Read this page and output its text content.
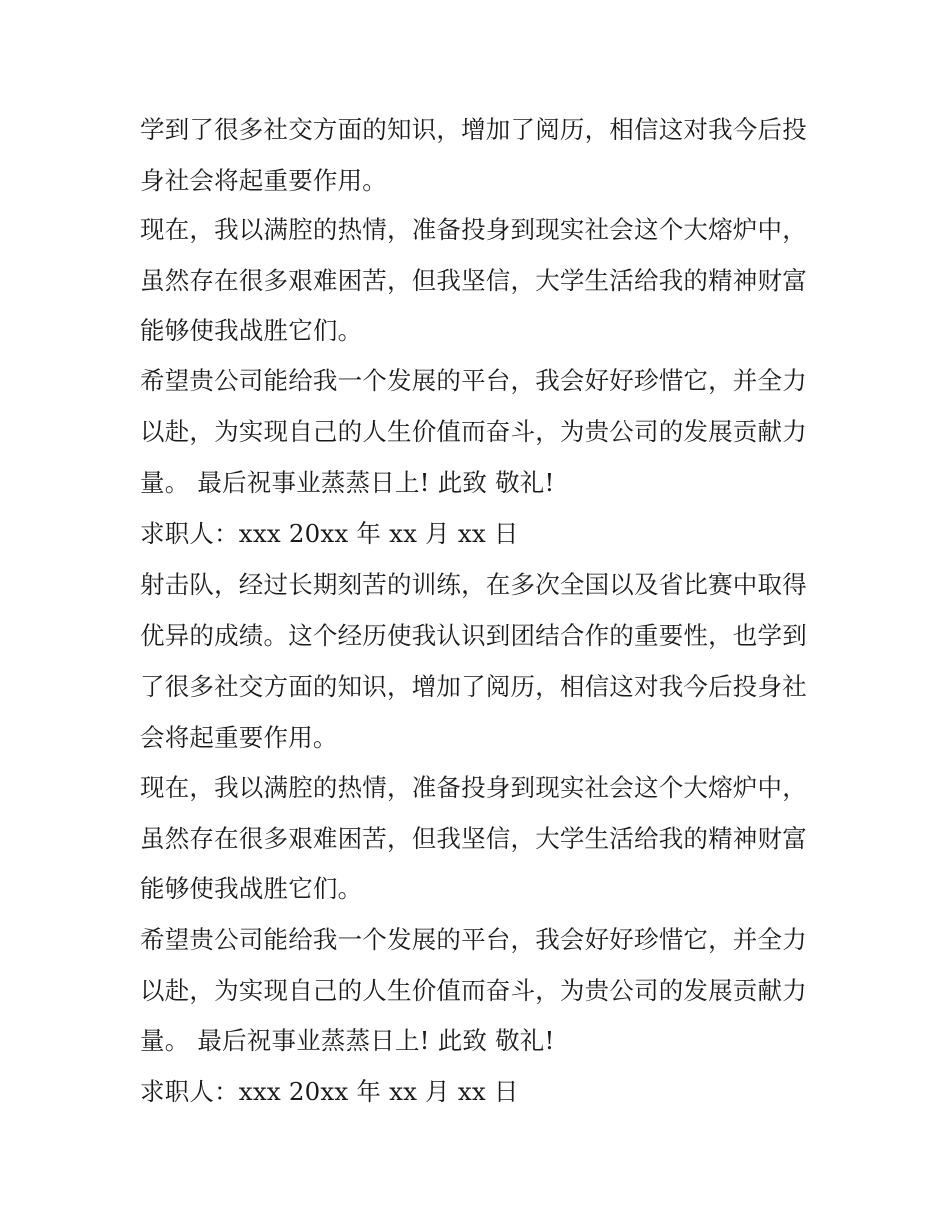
学到了很多社交方面的知识，增加了阅历，相信这对我今后投
身社会将起重要作用。
现在，我以满腔的热情，准备投身到现实社会这个大熔炉中，
虽然存在很多艰难困苦，但我坚信，大学生活给我的精神财富
能够使我战胜它们。
希望贵公司能给我一个发展的平台，我会好好珍惜它，并全力
以赴，为实现自己的人生价值而奋斗，为贵公司的发展贡献力
量。 最后祝事业蒸蒸日上! 此致 敬礼!
求职人：xxx 20xx 年 xx 月 xx 日
射击队，经过长期刻苦的训练，在多次全国以及省比赛中取得
优异的成绩。这个经历使我认识到团结合作的重要性，也学到
了很多社交方面的知识，增加了阅历，相信这对我今后投身社
会将起重要作用。
现在，我以满腔的热情，准备投身到现实社会这个大熔炉中，
虽然存在很多艰难困苦，但我坚信，大学生活给我的精神财富
能够使我战胜它们。
希望贵公司能给我一个发展的平台，我会好好珍惜它，并全力
以赴，为实现自己的人生价值而奋斗，为贵公司的发展贡献力
量。 最后祝事业蒸蒸日上! 此致 敬礼!
求职人：xxx 20xx 年 xx 月 xx 日
